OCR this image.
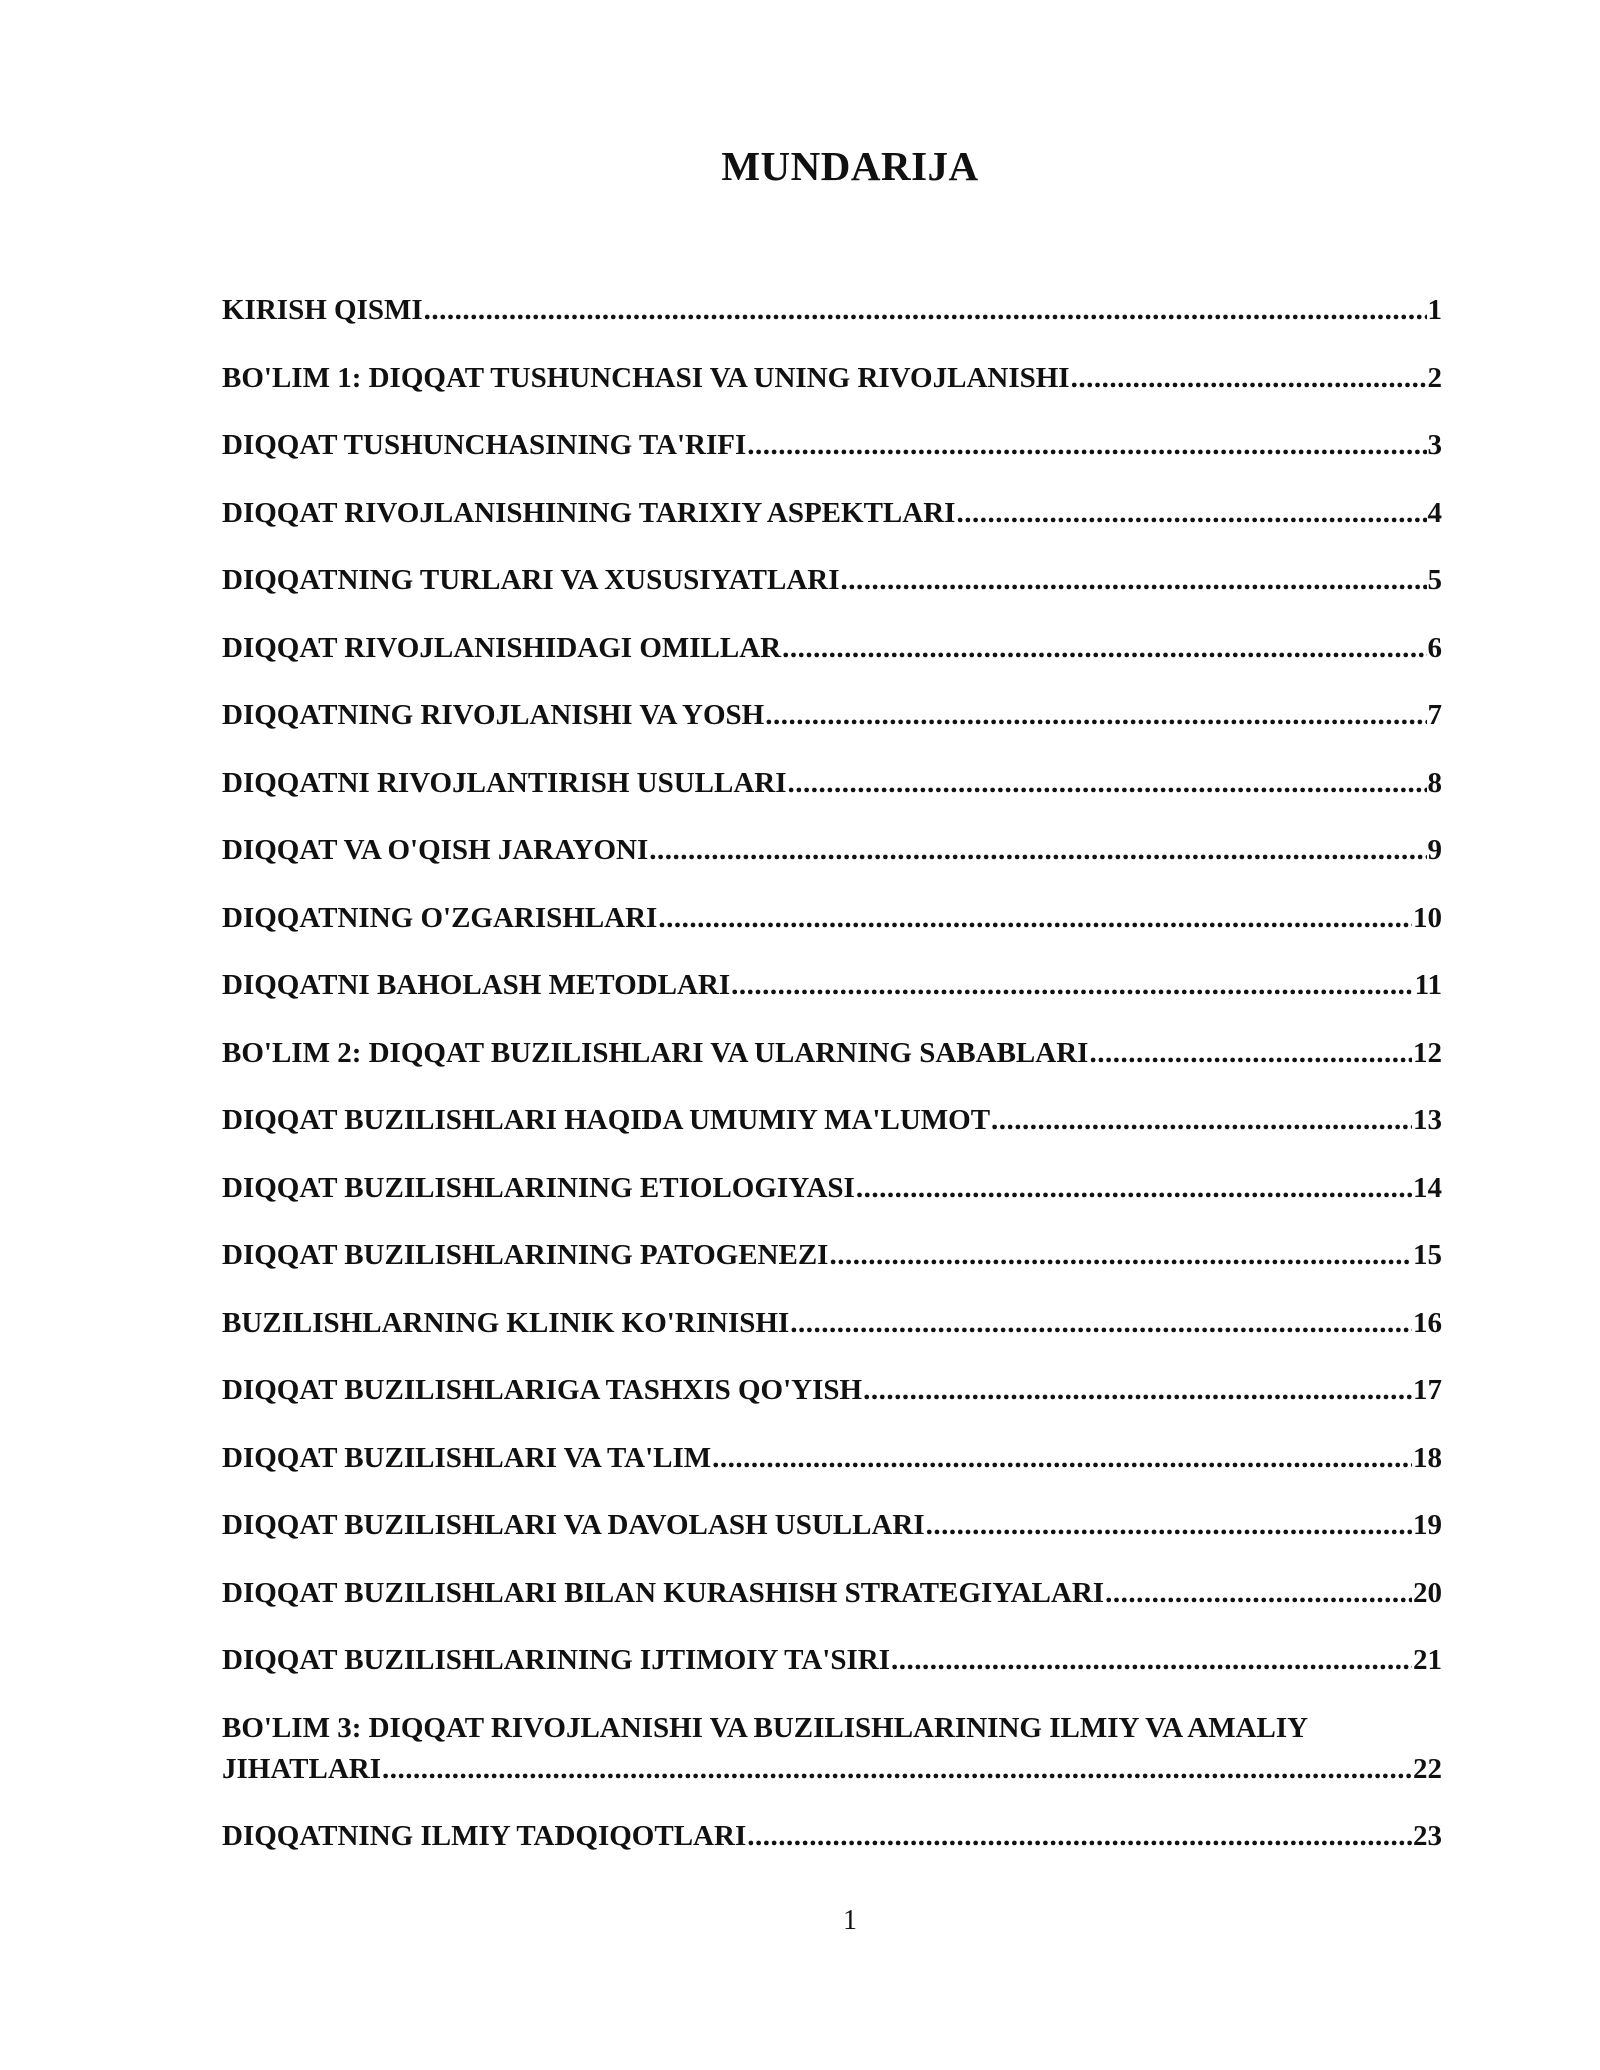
MUNDARIJA
KIRISH QISMI .....	1
BO'LIM 1: DIQQAT TUSHUNCHASI VA UNING RIVOJLANISHI .....	2
DIQQAT TUSHUNCHASINING TA'RIFI .....	3
DIQQAT RIVOJLANISHINING TARIXIY ASPEKTLARI .....	4
DIQQATNING TURLARI VA XUSUSIYATLARI .....	5
DIQQAT RIVOJLANISHIDAGI OMILLAR .....	6
DIQQATNING RIVOJLANISHI VA YOSH .....	7
DIQQATNI RIVOJLANTIRISH USULLARI .....	8
DIQQAT VA O'QISH JARAYONI .....	9
DIQQATNING O'ZGARISHLARI .....	10
DIQQATNI BAHOLASH METODLARI .....	11
BO'LIM 2: DIQQAT BUZILISHLARI VA ULARNING SABABLARI .....	12
DIQQAT BUZILISHLARI HAQIDA UMUMIY MA'LUMOT .....	13
DIQQAT BUZILISHLARINING ETIOLOGIYASI .....	14
DIQQAT BUZILISHLARINING PATOGENEZI .....	15
BUZILISHLARNING KLINIK KO'RINISHI .....	16
DIQQAT BUZILISHLARIGA TASHXIS QO'YISH .....	17
DIQQAT BUZILISHLARI VA TA'LIM .....	18
DIQQAT BUZILISHLARI VA DAVOLASH USULLARI .....	19
DIQQAT BUZILISHLARI BILAN KURASHISH STRATEGIYALARI .....	20
DIQQAT BUZILISHLARINING IJTIMOIY TA'SIRI .....	21
BO'LIM 3: DIQQAT RIVOJLANISHI VA BUZILISHLARINING ILMIY VA AMALIY
JIHATLARI .....	22
DIQQATNING ILMIY TADQIQOTLARI .....	23
1
